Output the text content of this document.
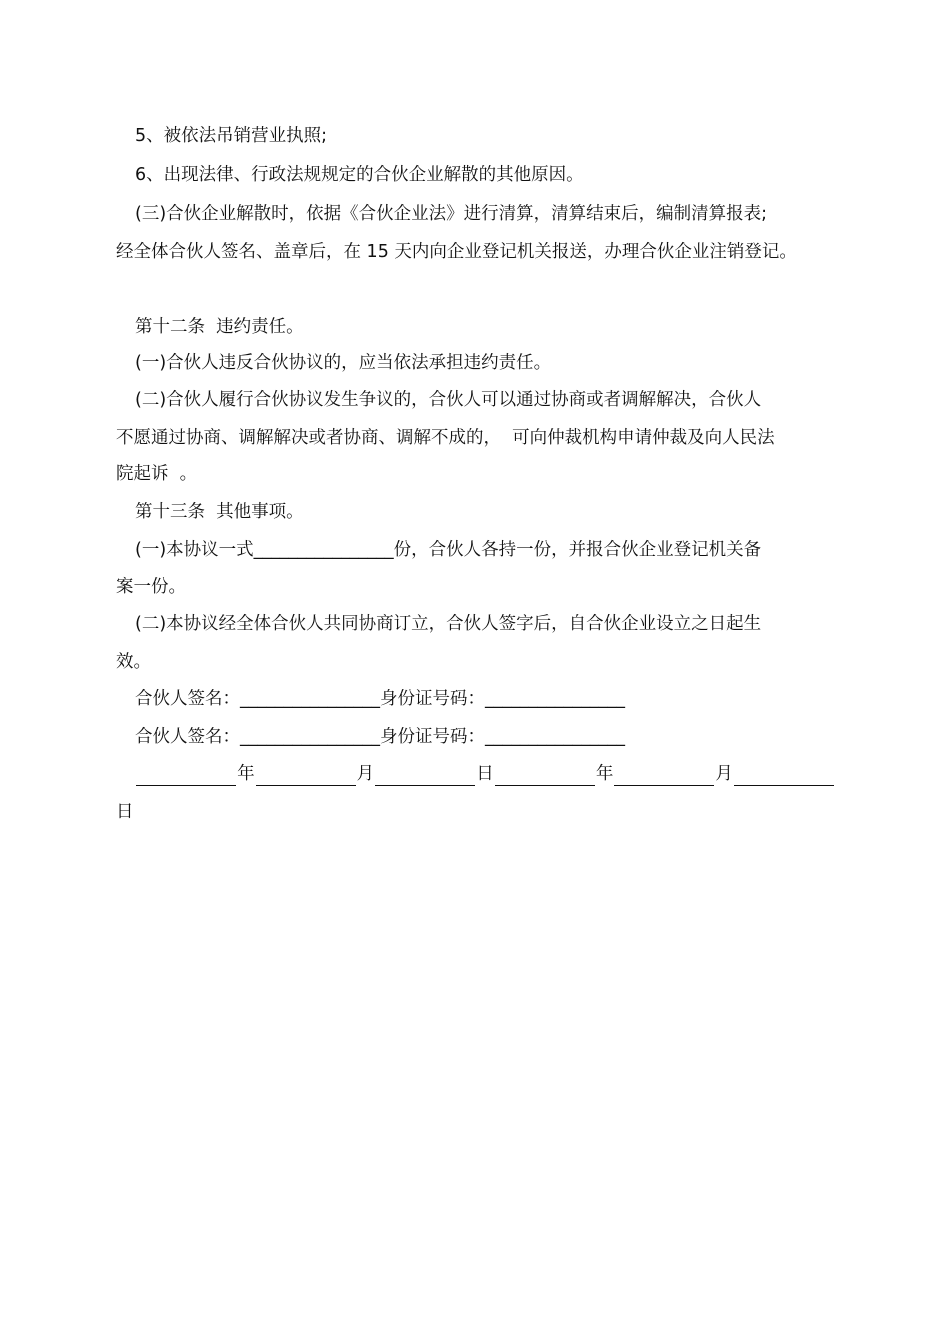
5、被依法吊销营业执照;
6、出现法律、行政法规规定的合伙企业解散的其他原因。
(三)合伙企业解散时，依据《合伙企业法》进行清算，清算结束后，编制清算报表;
经全体合伙人签名、盖章后，在 15 天内向企业登记机关报送，办理合伙企业注销登记。
第十二条  违约责任。
(一)合伙人违反合伙协议的，应当依法承担违约责任。
(二)合伙人履行合伙协议发生争议的，合伙人可以通过协商或者调解解决，合伙人
不愿通过协商、调解解决或者协商、调解不成的，  可向仲裁机构申请仲裁及向人民法
院起诉  。
第十三条  其他事项。
(一)本协议一式________________份，合伙人各持一份，并报合伙企业登记机关备
案一份。
(二)本协议经全体合伙人共同协商订立，合伙人签字后，自合伙企业设立之日起生
效。
合伙人签名：________________身份证号码：________________
合伙人签名：________________身份证号码：________________
年	月	日	年	月
日
